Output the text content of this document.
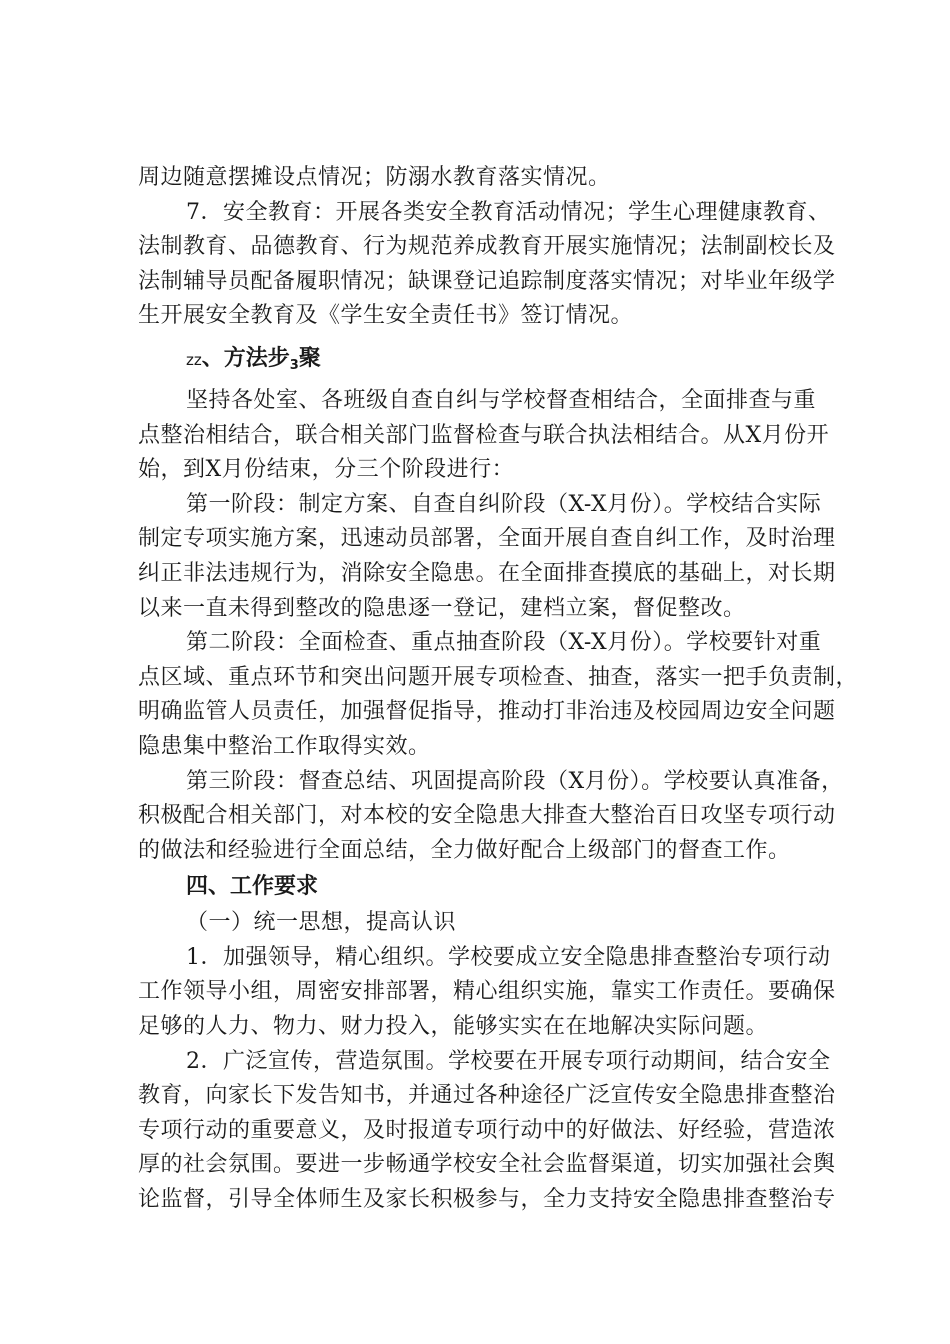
周边随意摆摊设点情况；防溺水教育落实情况。
7．安全教育：开展各类安全教育活动情况；学生心理健康教育、
法制教育、品德教育、行为规范养成教育开展实施情况；法制副校长及
法制辅导员配备履职情况；缺课登记追踪制度落实情况；对毕业年级学
生开展安全教育及《学生安全责任书》签订情况。
zz、方法步$_3$聚
坚持各处室、各班级自查自纠与学校督查相结合，全面排查与重
点整治相结合，联合相关部门监督检查与联合执法相结合。从X月份开
始，到X月份结束，分三个阶段进行：
第一阶段：制定方案、自查自纠阶段（X-X月份）。学校结合实际
制定专项实施方案，迅速动员部署，全面开展自查自纠工作，及时治理
纠正非法违规行为，消除安全隐患。在全面排查摸底的基础上，对长期
以来一直未得到整改的隐患逐一登记，建档立案，督促整改。
第二阶段：全面检查、重点抽查阶段（X-X月份）。学校要针对重
点区域、重点环节和突出问题开展专项检查、抽查，落实一把手负责制，
明确监管人员责任，加强督促指导，推动打非治违及校园周边安全问题
隐患集中整治工作取得实效。
第三阶段：督查总结、巩固提高阶段（X月份）。学校要认真准备，
积极配合相关部门，对本校的安全隐患大排查大整治百日攻坚专项行动
的做法和经验进行全面总结，全力做好配合上级部门的督查工作。
四、工作要求
（一）统一思想，提高认识
1．加强领导，精心组织。学校要成立安全隐患排查整治专项行动
工作领导小组，周密安排部署，精心组织实施，靠实工作责任。要确保
足够的人力、物力、财力投入，能够实实在在地解决实际问题。
2．广泛宣传，营造氛围。学校要在开展专项行动期间，结合安全
教育，向家长下发告知书，并通过各种途径广泛宣传安全隐患排查整治
专项行动的重要意义，及时报道专项行动中的好做法、好经验，营造浓
厚的社会氛围。要进一步畅通学校安全社会监督渠道，切实加强社会舆
论监督，引导全体师生及家长积极参与，全力支持安全隐患排查整治专
